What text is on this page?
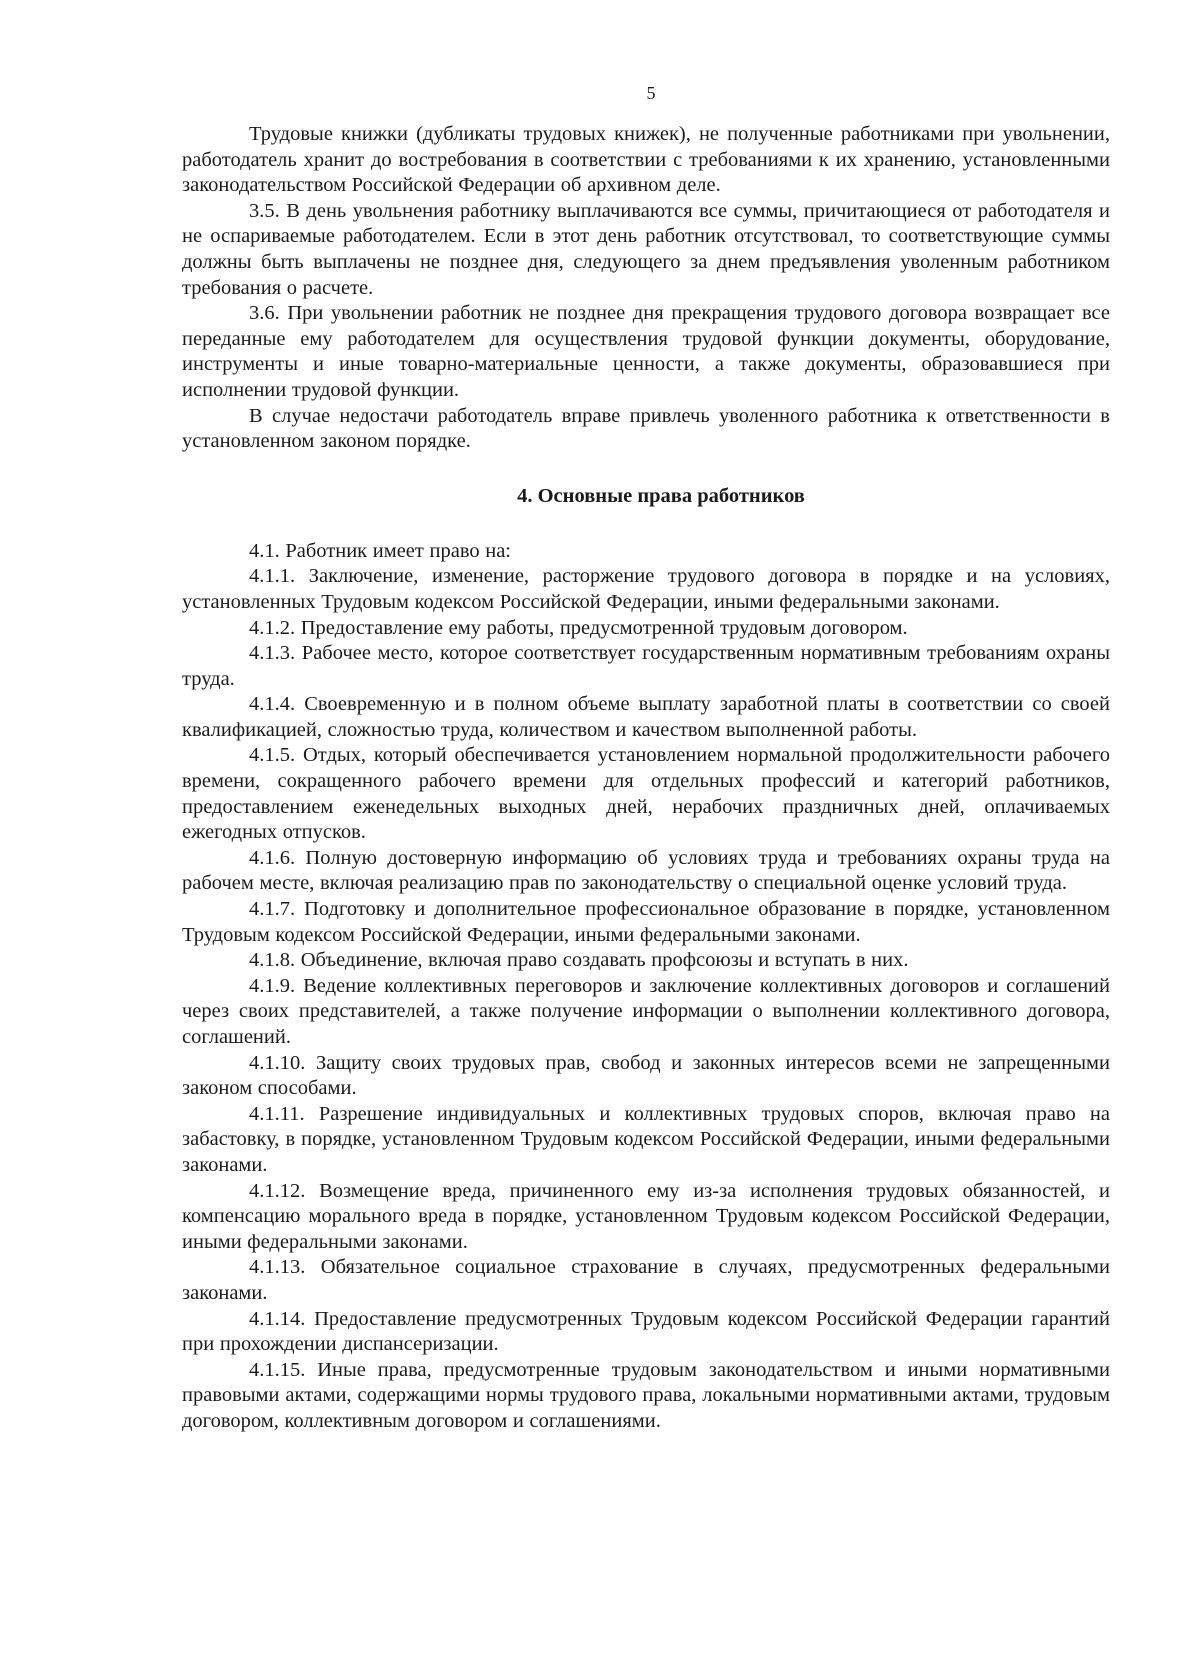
5

Трудовые книжки (дубликаты трудовых книжек), не полученные работниками при увольнении, работодатель хранит до востребования в соответствии с требованиями к их хранению, установленными законодательством Российской Федерации об архивном деле.

3.5. В день увольнения работнику выплачиваются все суммы, причитающиеся от работодателя и не оспариваемые работодателем. Если в этот день работник отсутствовал, то соответствующие суммы должны быть выплачены не позднее дня, следующего за днем предъявления уволенным работником требования о расчете.

3.6. При увольнении работник не позднее дня прекращения трудового договора возвращает все переданные ему работодателем для осуществления трудовой функции документы, оборудование, инструменты и иные товарно-материальные ценности, а также документы, образовавшиеся при исполнении трудовой функции.

В случае недостачи работодатель вправе привлечь уволенного работника к ответственности в установленном законом порядке.

4. Основные права работников

4.1. Работник имеет право на:

4.1.1. Заключение, изменение, расторжение трудового договора в порядке и на условиях, установленных Трудовым кодексом Российской Федерации, иными федеральными законами.

4.1.2. Предоставление ему работы, предусмотренной трудовым договором.

4.1.3. Рабочее место, которое соответствует государственным нормативным требованиям охраны труда.

4.1.4. Своевременную и в полном объеме выплату заработной платы в соответствии со своей квалификацией, сложностью труда, количеством и качеством выполненной работы.

4.1.5. Отдых, который обеспечивается установлением нормальной продолжительности рабочего времени, сокращенного рабочего времени для отдельных профессий и категорий работников, предоставлением еженедельных выходных дней, нерабочих праздничных дней, оплачиваемых ежегодных отпусков.

4.1.6. Полную достоверную информацию об условиях труда и требованиях охраны труда на рабочем месте, включая реализацию прав по законодательству о специальной оценке условий труда.

4.1.7. Подготовку и дополнительное профессиональное образование в порядке, установленном Трудовым кодексом Российской Федерации, иными федеральными законами.

4.1.8. Объединение, включая право создавать профсоюзы и вступать в них.

4.1.9. Ведение коллективных переговоров и заключение коллективных договоров и соглашений через своих представителей, а также получение информации о выполнении коллективного договора, соглашений.

4.1.10. Защиту своих трудовых прав, свобод и законных интересов всеми не запрещенными законом способами.

4.1.11. Разрешение индивидуальных и коллективных трудовых споров, включая право на забастовку, в порядке, установленном Трудовым кодексом Российской Федерации, иными федеральными законами.

4.1.12. Возмещение вреда, причиненного ему из-за исполнения трудовых обязанностей, и компенсацию морального вреда в порядке, установленном Трудовым кодексом Российской Федерации, иными федеральными законами.

4.1.13. Обязательное социальное страхование в случаях, предусмотренных федеральными законами.

4.1.14. Предоставление предусмотренных Трудовым кодексом Российской Федерации гарантий при прохождении диспансеризации.

4.1.15. Иные права, предусмотренные трудовым законодательством и иными нормативными правовыми актами, содержащими нормы трудового права, локальными нормативными актами, трудовым договором, коллективным договором и соглашениями.
